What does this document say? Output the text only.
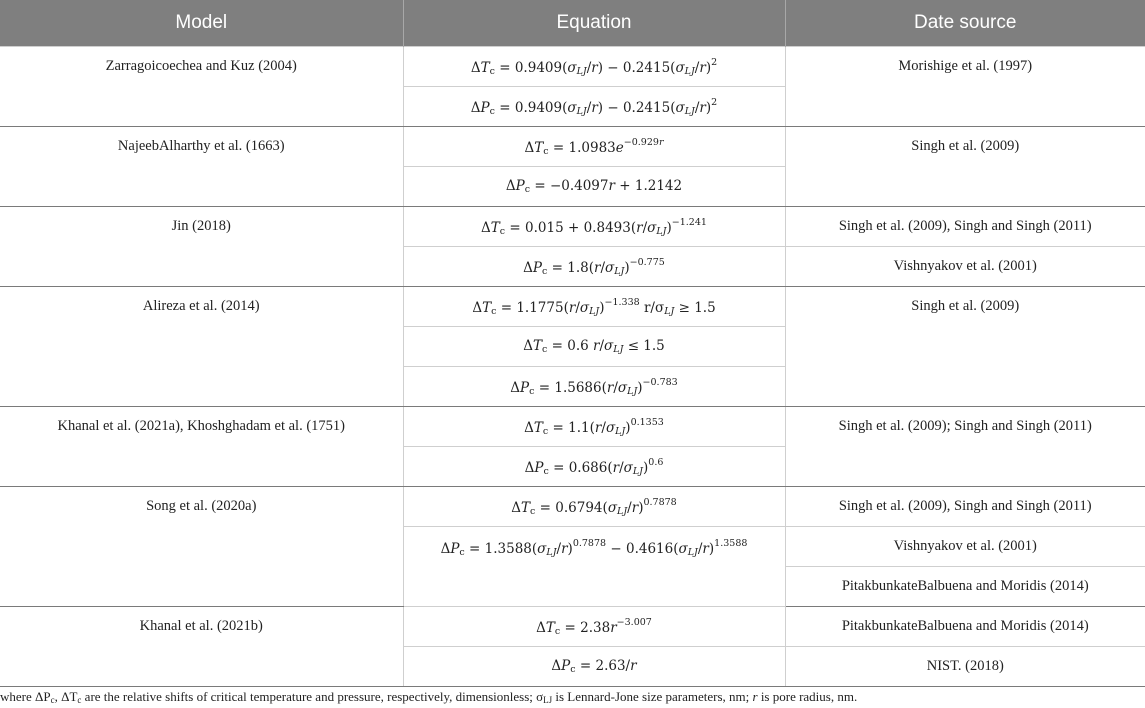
Model	Equation	Date source
Zarragoicoechea and Kuz (2004)	$\Delta T_c = 0.9409(\sigma_{LJ}/r) - 0.2415(\sigma_{LJ}/r)^2$	Morishige et al. (1997)
	$\Delta P_c = 0.9409(\sigma_{LJ}/r) - 0.2415(\sigma_{LJ}/r)^2$
NajeebAlharthy et al. (1663)	$\Delta T_c = 1.0983e^{-0.929r}$	Singh et al. (2009)
	$\Delta P_c = -0.4097r + 1.2142$	
Jin (2018)	$\Delta T_c = 0.015 + 0.8493(r/\sigma_{LJ})^{-1.241}$	Singh et al. (2009), Singh and Singh (2011)
	$\Delta P_c = 1.8(r/\sigma_{LJ})^{-0.775}$	Vishnyakov et al. (2001)
Alireza et al. (2014)	$\Delta T_c = 1.1775(r/\sigma_{LJ})^{-1.338}$ $r/\sigma_{LJ} \ge 1.5$	Singh et al. (2009)
	$\Delta T_c = 0.6$ $r/\sigma_{LJ} \le 1.5$	
	$\Delta P_c = 1.5686(r/\sigma_{LJ})^{-0.783}$
Khanal et al. (2021a), Khoshghadam et al. (1751)	$\Delta T_c = 1.1(r/\sigma_{LJ})^{0.1353}$	Singh et al. (2009); Singh and Singh (2011)
	$\Delta P_c = 0.686(r/\sigma_{LJ})^{0.6}$
Song et al. (2020a)	$\Delta T_c = 0.6794(\sigma_{LJ}/r)^{0.7878}$	Singh et al. (2009), Singh and Singh (2011)
	$\Delta P_c = 1.3588(\sigma_{LJ}/r)^{0.7878} - 0.4616(\sigma_{LJ}/r)^{1.3588}$	Vishnyakov et al. (2001)
		PitakbunkateBalbuena and Moridis (2014)
Khanal et al. (2021b)	$\Delta T_c = 2.38r^{-3.007}$	PitakbunkateBalbuena and Moridis (2014)
	$\Delta P_c = 2.63/r$	NIST. (2018)
where $\Delta P_c$, $\Delta T_c$ are the relative shifts of critical temperature and pressure, respectively, dimensionless; $\sigma_{LJ}$ is Lennard-Jone size parameters, nm; r is pore radius, nm.
